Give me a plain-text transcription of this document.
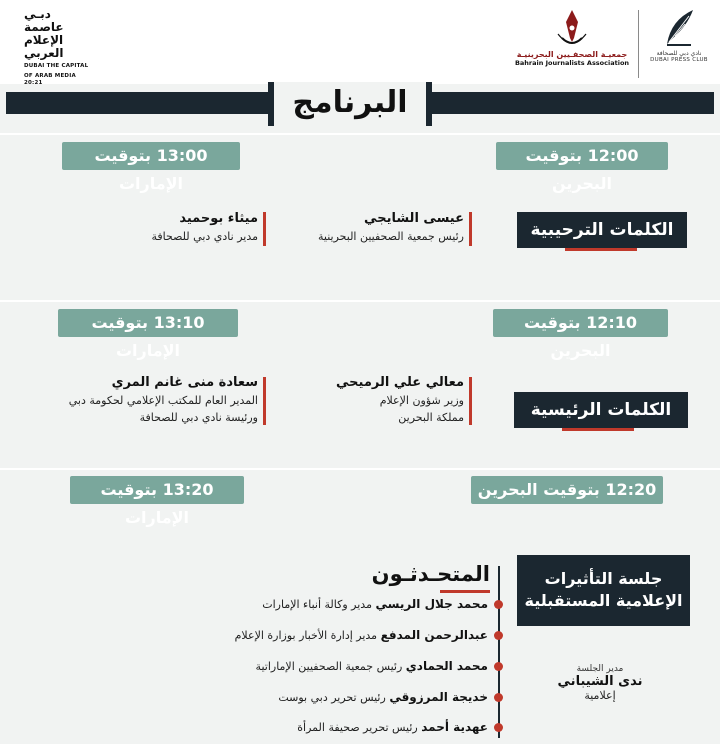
دبـي
عاصمة
الإعلام
العربي
DUBAI THE CAPITAL
OF ARAB MEDIA 20:21
جمعيـة الصحفـيين البحرينيـة
Bahrain Journalists Association
نادي دبي للصحافة
DUBAI PRESS CLUB
البرنامج
12:00 بتوقيت البحرين
13:00 بتوقيت الإمارات
الكلمات الترحيبية
عيسى الشايجي
رئيس جمعية الصحفيين البحرينية
ميثاء بوحميد
مدير نادي دبي للصحافة
12:10 بتوقيت البحرين
13:10 بتوقيت الإمارات
الكلمات الرئيسية
معالي علي الرميحي
وزير شؤون الإعلام
مملكة البحرين
سعادة منى غانم المري
المدير العام للمكتب الإعلامي لحكومة دبي
ورئيسة نادي دبي للصحافة
12:20 بتوقيت البحرين
13:20 بتوقيت الإمارات
جلسة التأثيرات
الإعلامية المستقبلية
المتحـدثـون
محمد جلال الريسي مدير وكالة أنباء الإمارات
عبدالرحمن المدفع مدير إدارة الأخبار بوزارة الإعلام
محمد الحمادي رئيس جمعية الصحفيين الإماراتية
خديجة المرزوقي رئيس تحرير دبي بوست
عهدية أحمد رئيس تحرير صحيفة المرأة
مدير الجلسة
ندى الشيباني
إعلامية
